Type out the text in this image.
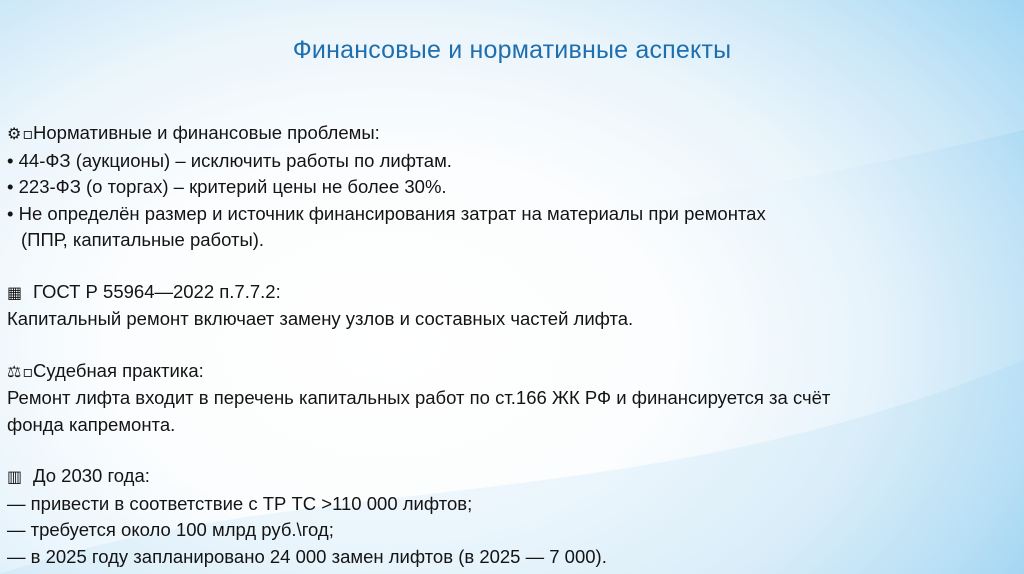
Финансовые и нормативные аспекты
⚙︎▫Нормативные и финансовые проблемы:
• 44-ФЗ (аукционы) – исключить работы по лифтам.
• 223-ФЗ (о торгах) – критерий цены не более 30%.
• Не определён размер и источник финансирования затрат на материалы при ремонтах
(ППР, капитальные работы).
▦ ГОСТ Р 55964—2022 п.7.7.2:
Капитальный ремонт включает замену узлов и составных частей лифта.
⚖︎▫Судебная практика:
Ремонт лифта входит в перечень капитальных работ по ст.166 ЖК РФ и финансируется за счёт
фонда капремонта.
▥ До 2030 года:
— привести в соответствие с ТР ТС >110 000 лифтов;
— требуется около 100 млрд руб.\год;
— в 2025 году запланировано 24 000 замен лифтов (в 2025 — 7 000).
